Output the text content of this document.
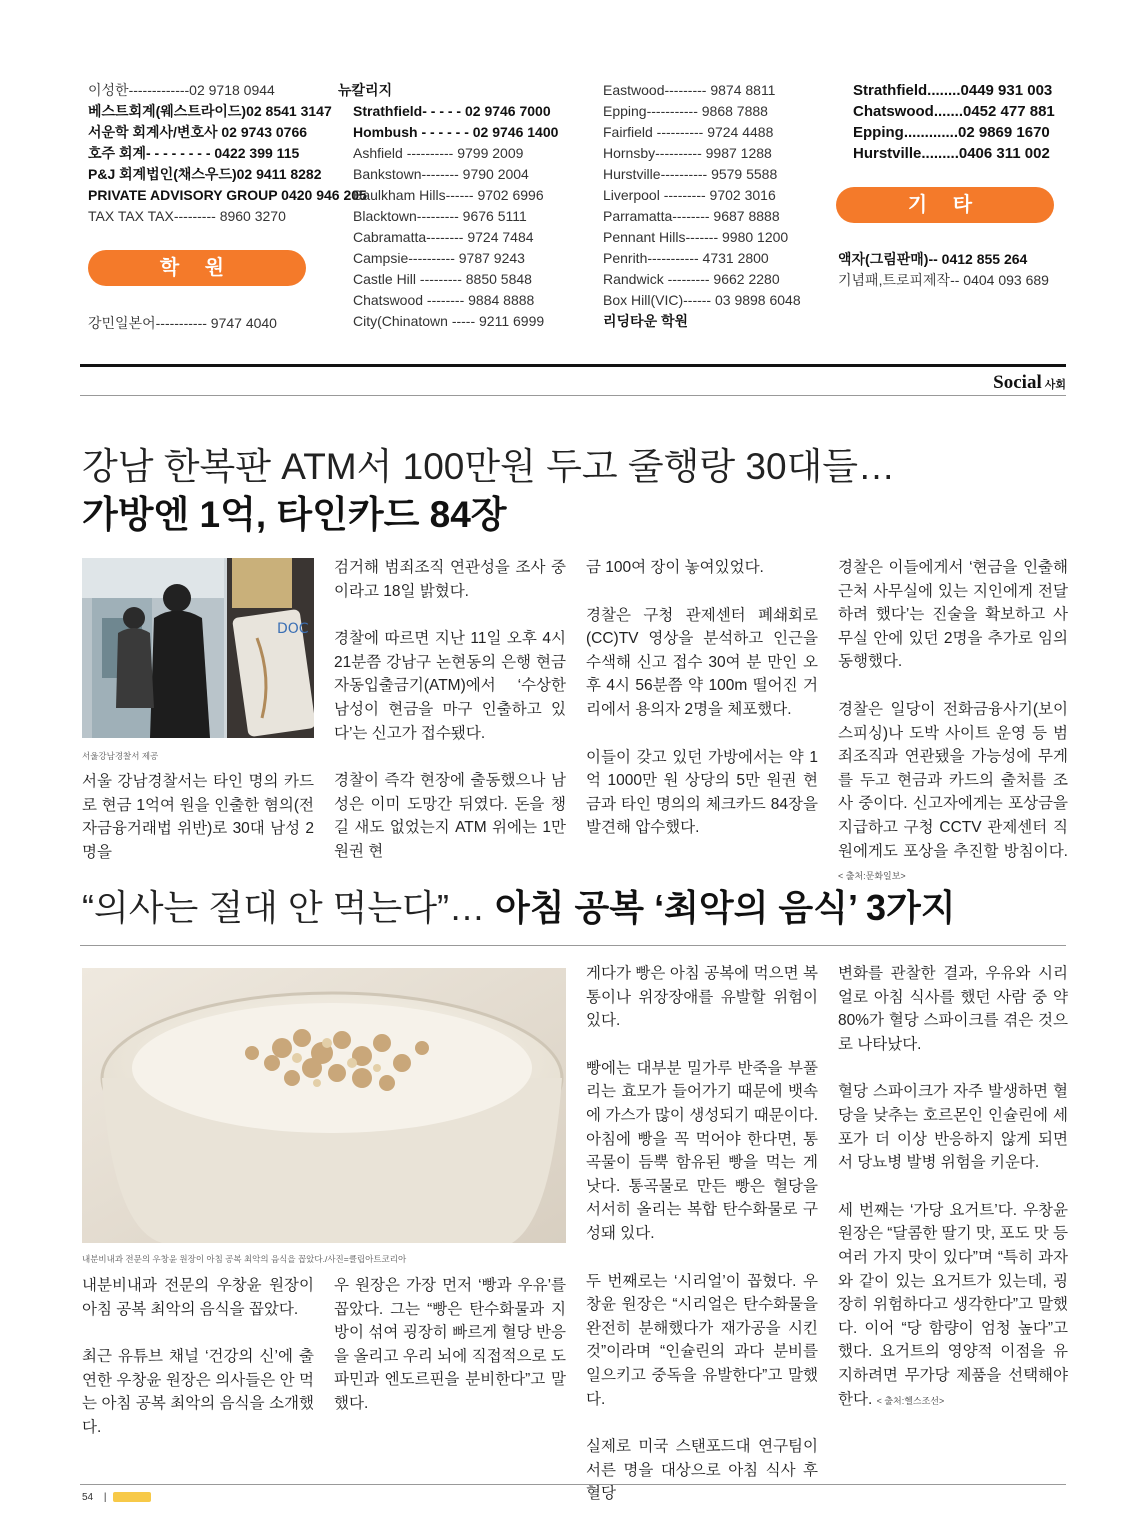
이성한-------------02 9718 0944
베스트회계(웨스트라이드)02 8541 3147
서운학 회계사/변호사 02 9743 0766
호주 회계- - - - - - - - 0422 399 115
P&J 회계법인(채스우드)02 9411 8282
PRIVATE ADVISORY GROUP 0420 946 205
TAX TAX TAX--------- 8960 3270
학 원
강민일본어----------- 9747 4040
뉴칼리지
Strathfield- - - - - 02 9746 7000
Hombush - - - - - - 02 9746 1400
Ashfield ---------- 9799 2009
Bankstown-------- 9790 2004
Baulkham Hills------ 9702 6996
Blacktown--------- 9676 5111
Cabramatta-------- 9724 7484
Campsie---------- 9787 9243
Castle Hill --------- 8850 5848
Chatswood -------- 9884 8888
City(Chinatown ----- 9211 6999
Eastwood--------- 9874 8811
Epping----------- 9868 7888
Fairfield ---------- 9724 4488
Hornsby---------- 9987 1288
Hurstville---------- 9579 5588
Liverpool --------- 9702 3016
Parramatta-------- 9687 8888
Pennant Hills------- 9980 1200
Penrith----------- 4731 2800
Randwick --------- 9662 2280
Box Hill(VIC)------ 03 9898 6048
리딩타운 학원
Strathfield........0449 931 003
Chatswood.......0452 477 881
Epping.............02 9869 1670
Hurstville.........0406 311 002
기 타
액자(그림판매)-- 0412 855 264
기념패,트로피제작-- 0404 093 689
Social 사회
강남 한복판 ATM서 100만원 두고 줄행랑 30대들…
가방엔 1억, 타인카드 84장
DOC
서울강남경찰서 제공

서울 강남경찰서는 타인 명의 카드로 현금 1억여 원을 인출한 혐의(전자금융거래법 위반)로 30대 남성 2명을

검거해 범죄조직 연관성을 조사 중이라고 18일 밝혔다.

경찰에 따르면 지난 11일 오후 4시 21분쯤 강남구 논현동의 은행 현금자동입출금기(ATM)에서 ‘수상한 남성이 현금을 마구 인출하고 있다’는 신고가 접수됐다.

경찰이 즉각 현장에 출동했으나 남성은 이미 도망간 뒤였다. 돈을 챙길 새도 없었는지 ATM 위에는 1만원권 현

금 100여 장이 놓여있었다.

경찰은 구청 관제센터 폐쇄회로(CC)TV 영상을 분석하고 인근을 수색해 신고 접수 30여 분 만인 오후 4시 56분쯤 약 100m 떨어진 거리에서 용의자 2명을 체포했다.

이들이 갖고 있던 가방에서는 약 1억 1000만 원 상당의 5만 원권 현금과 타인 명의의 체크카드 84장을 발견해 압수했다.

경찰은 이들에게서 ‘현금을 인출해 근처 사무실에 있는 지인에게 전달하려 했다’는 진술을 확보하고 사무실 안에 있던 2명을 추가로 임의동행했다.

경찰은 일당이 전화금융사기(보이스피싱)나 도박 사이트 운영 등 범죄조직과 연관됐을 가능성에 무게를 두고 현금과 카드의 출처를 조사 중이다. 신고자에게는 포상금을 지급하고 구청 CCTV 관제센터 직원에게도 포상을 추진할 방침이다. < 출처:문화일보>

“의사는 절대 안 먹는다”… 아침 공복 ‘최악의 음식’ 3가지
내분비내과 전문의 우창윤 원장이 아침 공복 최악의 음식을 꼽았다./사진=클립아트코리아

내분비내과 전문의 우창윤 원장이 아침 공복 최악의 음식을 꼽았다.

최근 유튜브 채널 ‘건강의 신’에 출연한 우창윤 원장은 의사들은 안 먹는 아침 공복 최악의 음식을 소개했다.

우 원장은 가장 먼저 ‘빵과 우유’를 꼽았다. 그는 “빵은 탄수화물과 지방이 섞여 굉장히 빠르게 혈당 반응을 올리고 우리 뇌에 직접적으로 도파민과 엔도르핀을 분비한다”고 말했다.

게다가 빵은 아침 공복에 먹으면 복통이나 위장장애를 유발할 위험이 있다.

빵에는 대부분 밀가루 반죽을 부풀리는 효모가 들어가기 때문에 뱃속에 가스가 많이 생성되기 때문이다. 아침에 빵을 꼭 먹어야 한다면, 통곡물이 듬뿍 함유된 빵을 먹는 게 낫다. 통곡물로 만든 빵은 혈당을 서서히 올리는 복합 탄수화물로 구성돼 있다.

두 번째로는 ‘시리얼’이 꼽혔다. 우창윤 원장은 “시리얼은 탄수화물을 완전히 분해했다가 재가공을 시킨 것”이라며 “인슐린의 과다 분비를 일으키고 중독을 유발한다”고 말했다.

실제로 미국 스탠포드대 연구팀이 서른 명을 대상으로 아침 식사 후 혈당

변화를 관찰한 결과, 우유와 시리얼로 아침 식사를 했던 사람 중 약 80%가 혈당 스파이크를 겪은 것으로 나타났다.

혈당 스파이크가 자주 발생하면 혈당을 낮추는 호르몬인 인슐린에 세포가 더 이상 반응하지 않게 되면서 당뇨병 발병 위험을 키운다.

세 번째는 ‘가당 요거트’다. 우창윤 원장은 “달콤한 딸기 맛, 포도 맛 등 여러 가지 맛이 있다”며 “특히 과자와 같이 있는 요거트가 있는데, 굉장히 위험하다고 생각한다”고 말했다. 이어 “당 함량이 엄청 높다”고 했다. 요거트의 영양적 이점을 유지하려면 무가당 제품을 선택해야 한다. < 출처:헬스조선>

54 |
